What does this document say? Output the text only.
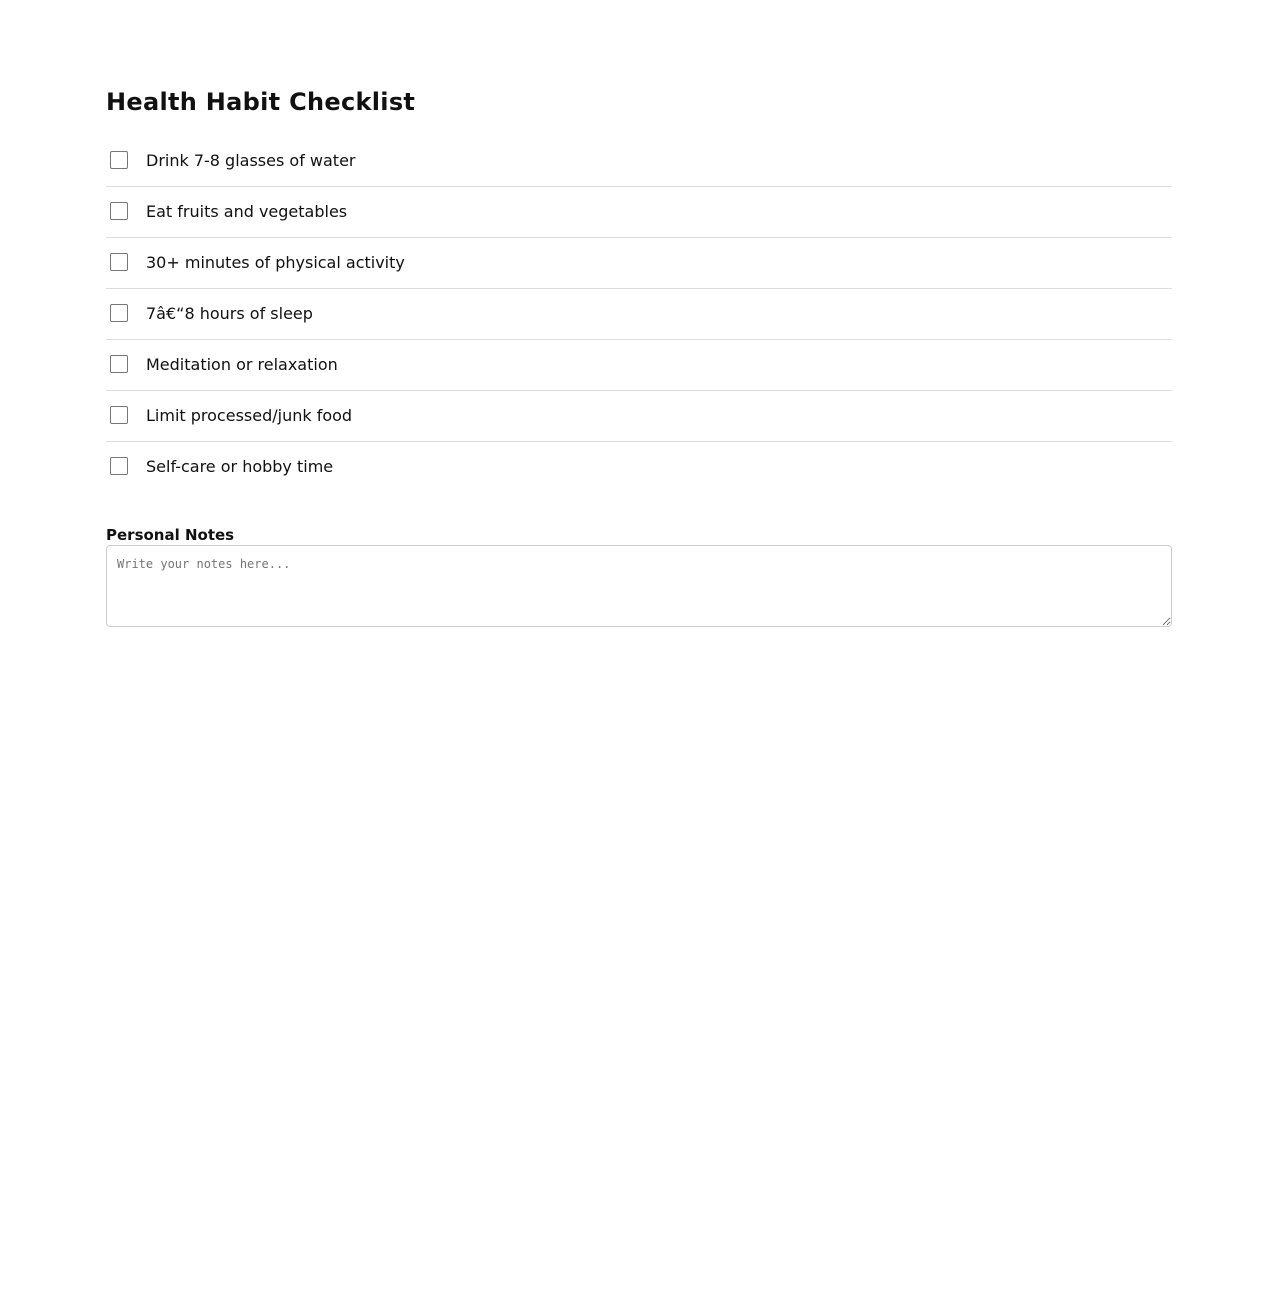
Health Habit Checklist
Drink 7-8 glasses of water
Eat fruits and vegetables
30+ minutes of physical activity
7â€“8 hours of sleep
Meditation or relaxation
Limit processed/junk food
Self-care or hobby time
Personal Notes
Write your notes here...
